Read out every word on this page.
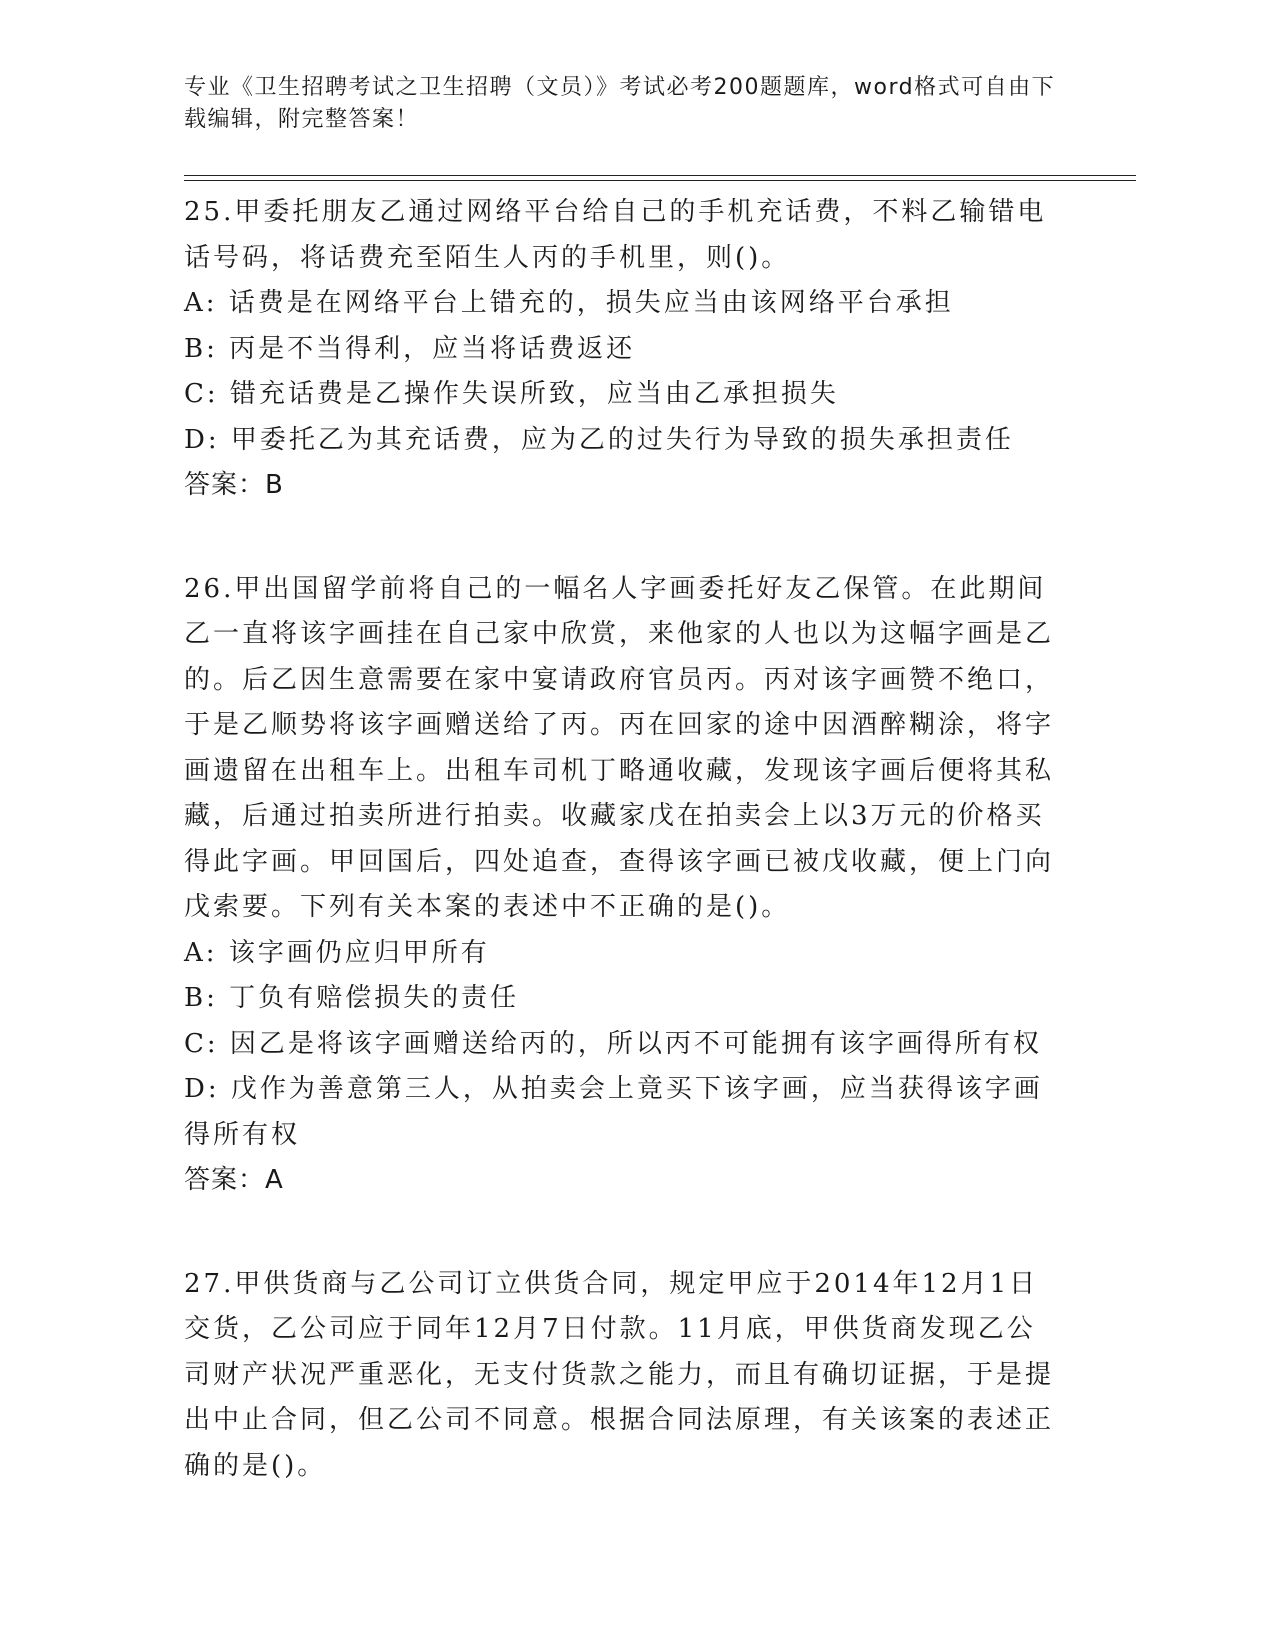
专业《卫生招聘考试之卫生招聘（文员）》考试必考200题题库，word格式可自由下载编辑，附完整答案！

25.甲委托朋友乙通过网络平台给自己的手机充话费，不料乙输错电话号码，将话费充至陌生人丙的手机里，则()。

A: 话费是在网络平台上错充的，损失应当由该网络平台承担

B: 丙是不当得利，应当将话费返还

C: 错充话费是乙操作失误所致，应当由乙承担损失

D: 甲委托乙为其充话费，应为乙的过失行为导致的损失承担责任

答案：B

26.甲出国留学前将自己的一幅名人字画委托好友乙保管。在此期间乙一直将该字画挂在自己家中欣赏，来他家的人也以为这幅字画是乙的。后乙因生意需要在家中宴请政府官员丙。丙对该字画赞不绝口，于是乙顺势将该字画赠送给了丙。丙在回家的途中因酒醉糊涂，将字画遗留在出租车上。出租车司机丁略通收藏，发现该字画后便将其私藏，后通过拍卖所进行拍卖。收藏家戊在拍卖会上以3万元的价格买得此字画。甲回国后，四处追查，查得该字画已被戊收藏，便上门向戊索要。下列有关本案的表述中不正确的是()。

A: 该字画仍应归甲所有

B: 丁负有赔偿损失的责任

C: 因乙是将该字画赠送给丙的，所以丙不可能拥有该字画得所有权

D: 戊作为善意第三人，从拍卖会上竟买下该字画，应当获得该字画得所有权

答案：A

27.甲供货商与乙公司订立供货合同，规定甲应于2014年12月1日交货，乙公司应于同年12月7日付款。11月底，甲供货商发现乙公司财产状况严重恶化，无支付货款之能力，而且有确切证据，于是提出中止合同，但乙公司不同意。根据合同法原理，有关该案的表述正确的是()。
